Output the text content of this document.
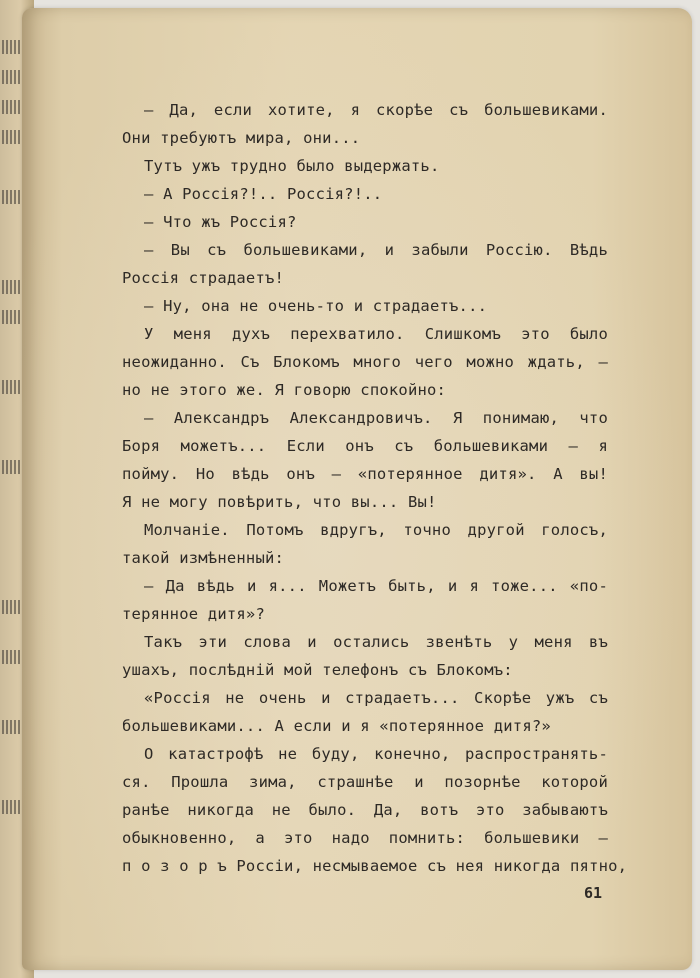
— Да, если хотите, я скорѣе съ большевиками.
Они требуютъ мира, они...
Тутъ ужъ трудно было выдержать.
— А Россія?!.. Россія?!..
— Что жъ Россія?
— Вы съ большевиками, и забыли Россію. Вѣдь
Россія страдаетъ!
— Ну, она не очень-то и страдаетъ...
У меня духъ перехватило. Слишкомъ это было
неожиданно. Съ Блокомъ много чего можно ждать, —
но не этого же. Я говорю спокойно:
— Александръ Александровичъ. Я понимаю, что
Боря можетъ... Если онъ съ большевиками — я
пойму. Но вѣдь онъ — «потерянное дитя». А вы!
Я не могу повѣрить, что вы... Вы!
Молчаніе. Потомъ вдругъ, точно другой голосъ,
такой измѣненный:
— Да вѣдь и я... Можетъ быть, и я тоже... «по-
терянное дитя»?
Такъ эти слова и остались звенѣть у меня въ
ушахъ, послѣдній мой телефонъ съ Блокомъ:
«Россія не очень и страдаетъ... Скорѣе ужъ съ
большевиками... А если и я «потерянное дитя?»
О катастрофѣ не буду, конечно, распространять-
ся. Прошла зима, страшнѣе и позорнѣе которой
ранѣе никогда не было. Да, вотъ это забываютъ
обыкновенно, а это надо помнить: большевики —
п о з о р ъ Россіи, несмываемое съ нея никогда пятно,
61
